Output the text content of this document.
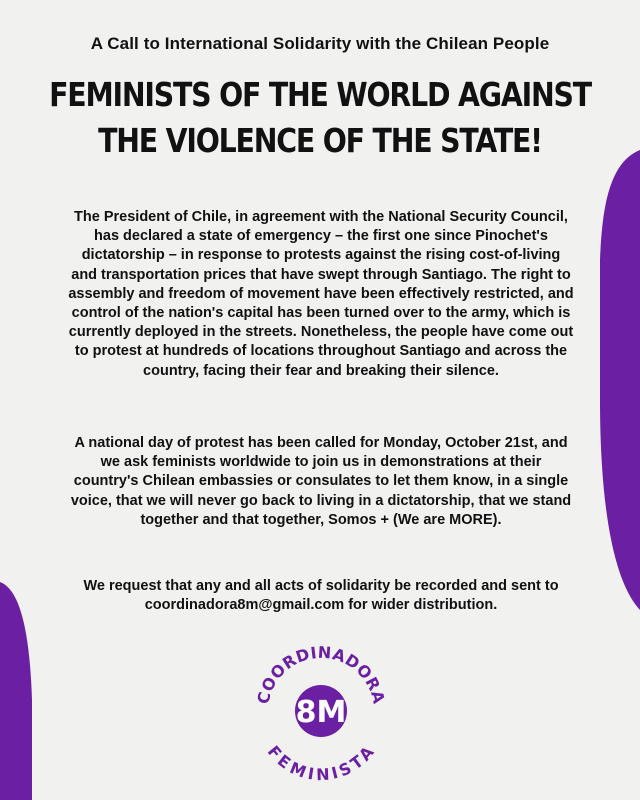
A Call to International Solidarity with the Chilean People
FEMINISTS OF THE WORLD AGAINST
THE VIOLENCE OF THE STATE!
The President of Chile, in agreement with the National Security Council, has declared a state of emergency – the first one since Pinochet's dictatorship – in response to protests against the rising cost-of-living and transportation prices that have swept through Santiago. The right to assembly and freedom of movement have been effectively restricted, and control of the nation's capital has been turned over to the army, which is currently deployed in the streets. Nonetheless, the people have come out to protest at hundreds of locations throughout Santiago and across the country, facing their fear and breaking their silence.
A national day of protest has been called for Monday, October 21st, and we ask feminists worldwide to join us in demonstrations at their country's Chilean embassies or consulates to let them know, in a single voice, that we will never go back to living in a dictatorship, that we stand together and that together, Somos + (We are MORE).
We request that any and all acts of solidarity be recorded and sent to coordinadora8m@gmail.com for wider distribution.
8M
COORDINADORA
FEMINISTA
